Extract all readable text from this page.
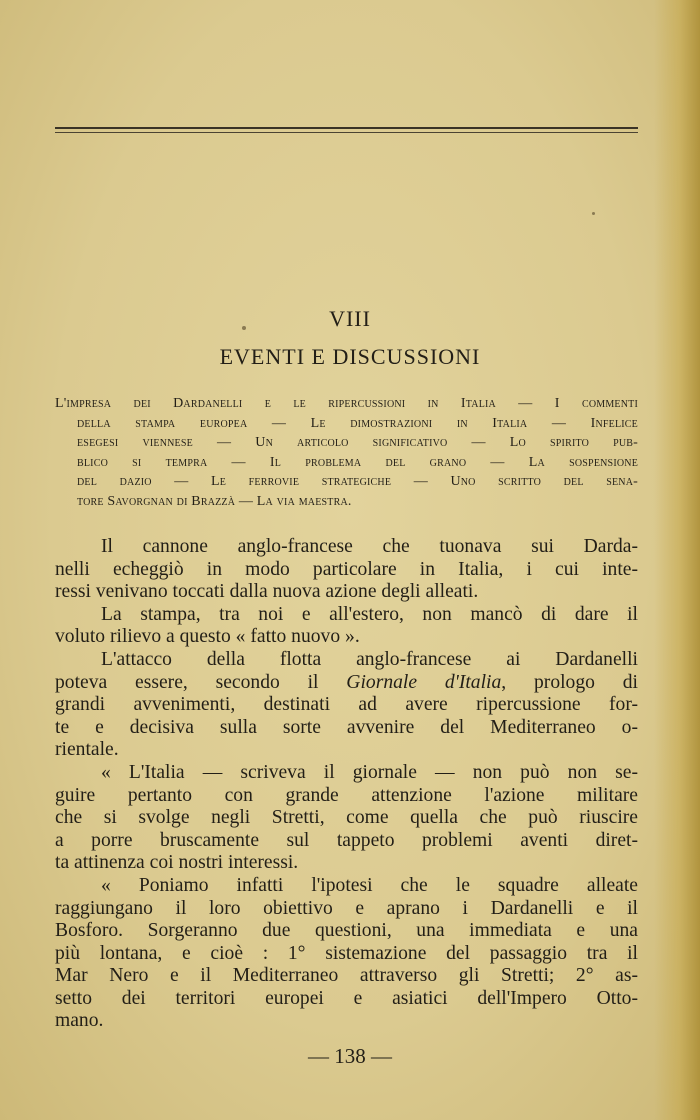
VIII
EVENTI E DISCUSSIONI
L'impresa dei Dardanelli e le ripercussioni in Italia — I commenti
della stampa europea — Le dimostrazioni in Italia — Infelice
esegesi viennese — Un articolo significativo — Lo spirito pub-
blico si tempra — Il problema del grano — La sospensione
del dazio — Le ferrovie strategiche — Uno scritto del sena-
tore Savorgnan di Brazzà — La via maestra.
Il cannone anglo-francese che tuonava sui Darda-
nelli echeggiò in modo particolare in Italia, i cui inte-
ressi venivano toccati dalla nuova azione degli alleati.
La stampa, tra noi e all'estero, non mancò di dare il
voluto rilievo a questo « fatto nuovo ».
L'attacco della flotta anglo-francese ai Dardanelli
poteva essere, secondo il Giornale d'Italia, prologo di
grandi avvenimenti, destinati ad avere ripercussione for-
te e decisiva sulla sorte avvenire del Mediterraneo o-
rientale.
« L'Italia — scriveva il giornale — non può non se-
guire pertanto con grande attenzione l'azione militare
che si svolge negli Stretti, come quella che può riuscire
a porre bruscamente sul tappeto problemi aventi diret-
ta attinenza coi nostri interessi.
« Poniamo infatti l'ipotesi che le squadre alleate
raggiungano il loro obiettivo e aprano i Dardanelli e il
Bosforo. Sorgeranno due questioni, una immediata e una
più lontana, e cioè : 1° sistemazione del passaggio tra il
Mar Nero e il Mediterraneo attraverso gli Stretti; 2° as-
setto dei territori europei e asiatici dell'Impero Otto-
mano.
— 138 —
